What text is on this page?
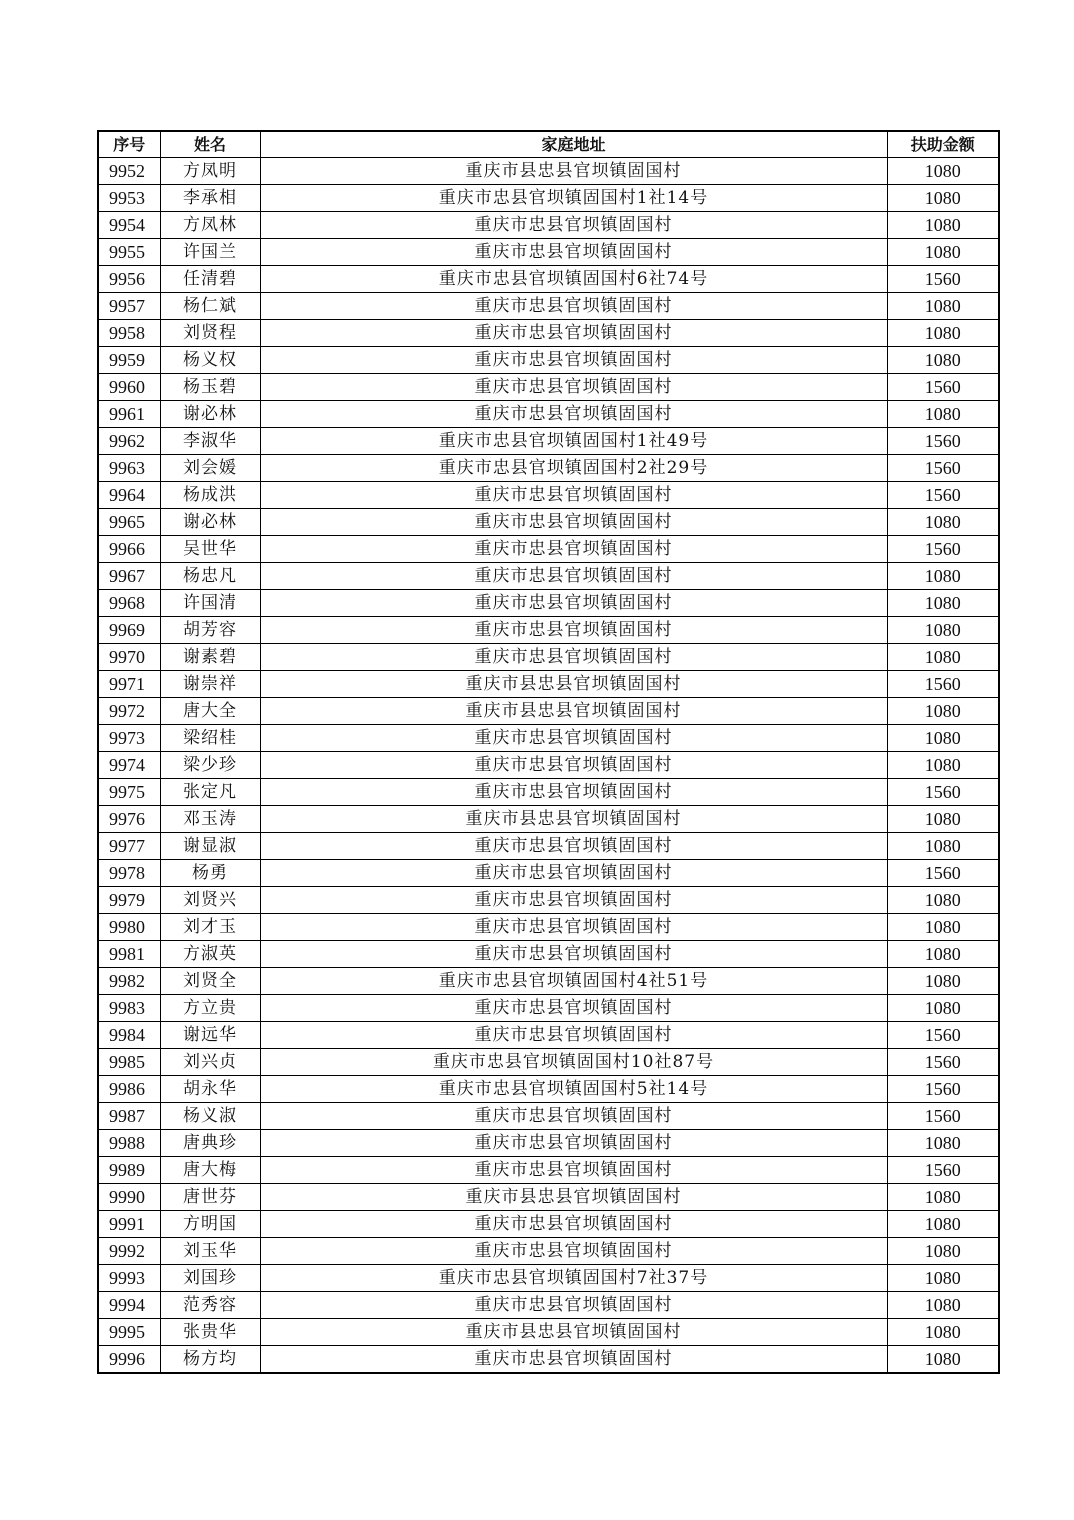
序号	姓名	家庭地址	扶助金额
9952	方凤明	重庆市县忠县官坝镇固国村	1080
9953	李承相	重庆市忠县官坝镇固国村1社14号	1080
9954	方凤林	重庆市忠县官坝镇固国村	1080
9955	许国兰	重庆市忠县官坝镇固国村	1080
9956	任清碧	重庆市忠县官坝镇固国村6社74号	1560
9957	杨仁斌	重庆市忠县官坝镇固国村	1080
9958	刘贤程	重庆市忠县官坝镇固国村	1080
9959	杨义权	重庆市忠县官坝镇固国村	1080
9960	杨玉碧	重庆市忠县官坝镇固国村	1560
9961	谢必林	重庆市忠县官坝镇固国村	1080
9962	李淑华	重庆市忠县官坝镇固国村1社49号	1560
9963	刘会媛	重庆市忠县官坝镇固国村2社29号	1560
9964	杨成洪	重庆市忠县官坝镇固国村	1560
9965	谢必林	重庆市忠县官坝镇固国村	1080
9966	吴世华	重庆市忠县官坝镇固国村	1560
9967	杨忠凡	重庆市忠县官坝镇固国村	1080
9968	许国清	重庆市忠县官坝镇固国村	1080
9969	胡芳容	重庆市忠县官坝镇固国村	1080
9970	谢素碧	重庆市忠县官坝镇固国村	1080
9971	谢崇祥	重庆市县忠县官坝镇固国村	1560
9972	唐大全	重庆市县忠县官坝镇固国村	1080
9973	梁绍桂	重庆市忠县官坝镇固国村	1080
9974	梁少珍	重庆市忠县官坝镇固国村	1080
9975	张定凡	重庆市忠县官坝镇固国村	1560
9976	邓玉涛	重庆市县忠县官坝镇固国村	1080
9977	谢显淑	重庆市忠县官坝镇固国村	1080
9978	杨勇	重庆市忠县官坝镇固国村	1560
9979	刘贤兴	重庆市忠县官坝镇固国村	1080
9980	刘才玉	重庆市忠县官坝镇固国村	1080
9981	方淑英	重庆市忠县官坝镇固国村	1080
9982	刘贤全	重庆市忠县官坝镇固国村4社51号	1080
9983	方立贵	重庆市忠县官坝镇固国村	1080
9984	谢远华	重庆市忠县官坝镇固国村	1560
9985	刘兴贞	重庆市忠县官坝镇固国村10社87号	1560
9986	胡永华	重庆市忠县官坝镇固国村5社14号	1560
9987	杨义淑	重庆市忠县官坝镇固国村	1560
9988	唐典珍	重庆市忠县官坝镇固国村	1080
9989	唐大梅	重庆市忠县官坝镇固国村	1560
9990	唐世芬	重庆市县忠县官坝镇固国村	1080
9991	方明国	重庆市忠县官坝镇固国村	1080
9992	刘玉华	重庆市忠县官坝镇固国村	1080
9993	刘国珍	重庆市忠县官坝镇固国村7社37号	1080
9994	范秀容	重庆市忠县官坝镇固国村	1080
9995	张贵华	重庆市县忠县官坝镇固国村	1080
9996	杨方均	重庆市忠县官坝镇固国村	1080
